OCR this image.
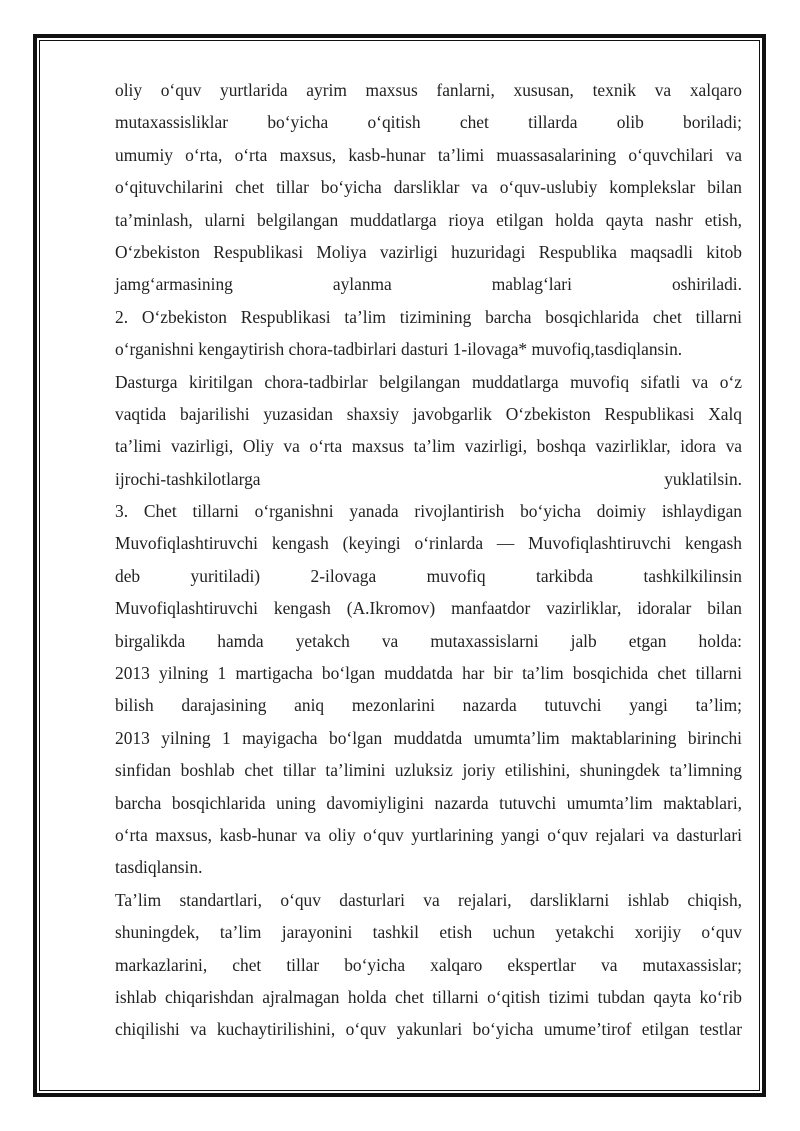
oliy o‘quv yurtlarida ayrim maxsus fanlarni, xususan, texnik va xalqaro
mutaxassisliklar bo‘yicha o‘qitish chet tillarda olib boriladi;
umumiy o‘rta, o‘rta maxsus, kasb-hunar ta’limi muassasalarining o‘quvchilari va
o‘qituvchilarini chet tillar bo‘yicha darsliklar va o‘quv-uslubiy komplekslar bilan
ta’minlash, ularni belgilangan muddatlarga rioya etilgan holda qayta nashr etish,
O‘zbekiston Respublikasi Moliya vazirligi huzuridagi Respublika maqsadli kitob
jamg‘armasining aylanma mablag‘lari oshiriladi.
2. O‘zbekiston Respublikasi ta’lim tizimining barcha bosqichlarida chet tillarni
o‘rganishni kengaytirish chora-tadbirlari dasturi 1-ilovaga* muvofiq,tasdiqlansin.
Dasturga kiritilgan chora-tadbirlar belgilangan muddatlarga muvofiq sifatli va o‘z
vaqtida bajarilishi yuzasidan shaxsiy javobgarlik O‘zbekiston Respublikasi Xalq
ta’limi vazirligi, Oliy va o‘rta maxsus ta’lim vazirligi, boshqa vazirliklar, idora va
ijrochi-tashkilotlarga yuklatilsin.
3. Chet tillarni o‘rganishni yanada rivojlantirish bo‘yicha doimiy ishlaydigan
Muvofiqlashtiruvchi kengash (keyingi o‘rinlarda — Muvofiqlashtiruvchi kengash
deb yuritiladi) 2-ilovaga muvofiq tarkibda tashkilkilinsin
Muvofiqlashtiruvchi kengash (A.Ikromov) manfaatdor vazirliklar, idoralar bilan
birgalikda hamda yetakch va mutaxassislarni jalb etgan holda:
2013 yilning 1 martigacha bo‘lgan muddatda har bir ta’lim bosqichida chet tillarni
bilish darajasining aniq mezonlarini nazarda tutuvchi yangi ta’lim;
2013 yilning 1 mayigacha bo‘lgan muddatda umumta’lim maktablarining birinchi
sinfidan boshlab chet tillar ta’limini uzluksiz joriy etilishini, shuningdek ta’limning
barcha bosqichlarida uning davomiyligini nazarda tutuvchi umumta’lim maktablari,
o‘rta maxsus, kasb-hunar va oliy o‘quv yurtlarining yangi o‘quv rejalari va dasturlari
tasdiqlansin.
Ta’lim standartlari, o‘quv dasturlari va rejalari, darsliklarni ishlab chiqish,
shuningdek, ta’lim jarayonini tashkil etish uchun yetakchi xorijiy o‘quv
markazlarini, chet tillar bo‘yicha xalqaro ekspertlar va mutaxassislar;
ishlab chiqarishdan ajralmagan holda chet tillarni o‘qitish tizimi tubdan qayta ko‘rib
chiqilishi va kuchaytirilishini, o‘quv yakunlari bo‘yicha umume’tirof etilgan testlar
